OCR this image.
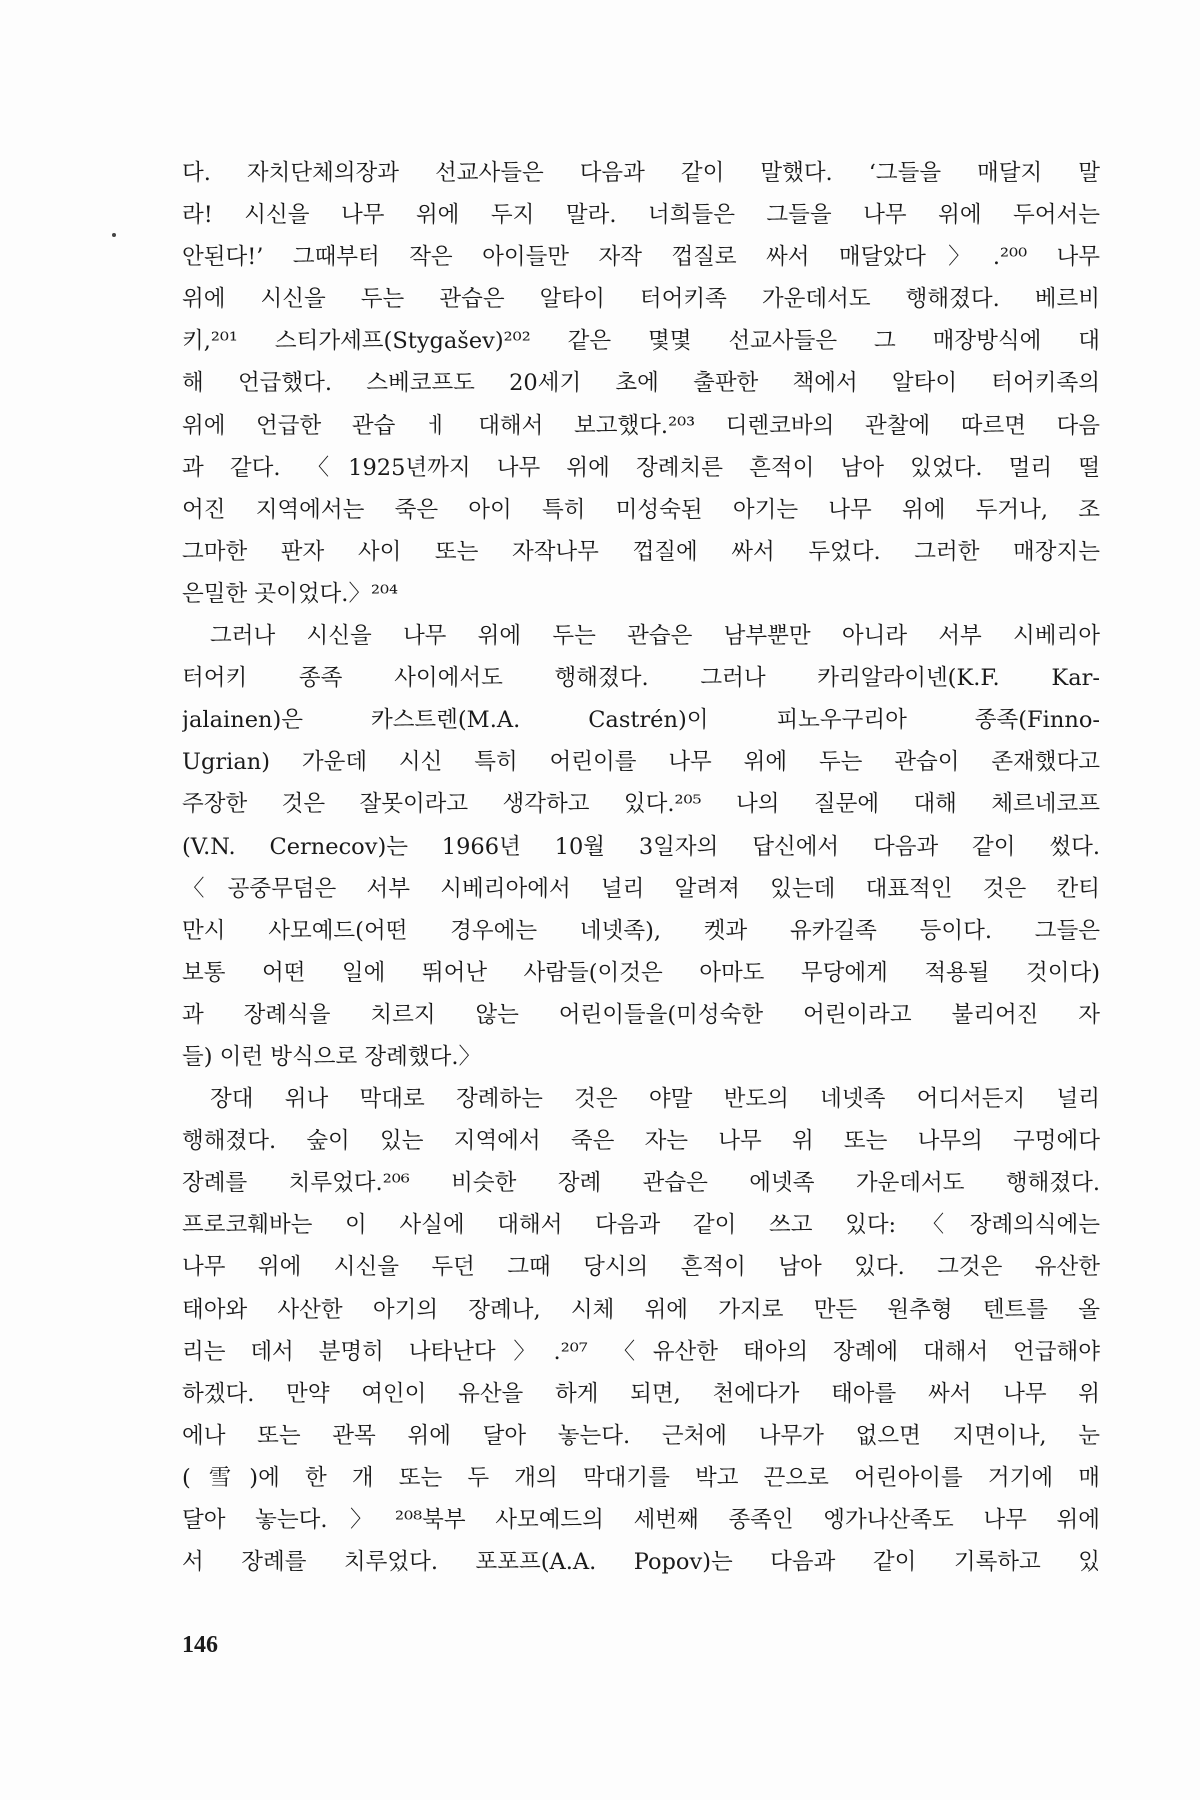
다. 자치단체의장과 선교사들은 다음과 같이 말했다. ‘그들을 매달지 말
라! 시신을 나무 위에 두지 말라. 너희들은 그들을 나무 위에 두어서는
안된다!’ 그때부터 작은 아이들만 자작 껍질로 싸서 매달았다〉.²⁰⁰ 나무
위에 시신을 두는 관습은 알타이 터어키족 가운데서도 행해졌다. 베르비
키,²⁰¹ 스티가세프(Stygašev)²⁰² 같은 몇몇 선교사들은 그 매장방식에 대
해 언급했다. 스베코프도 20세기 초에 출판한 책에서 알타이 터어키족의
위에 언급한 관습 ㅔ 대해서 보고했다.²⁰³ 디렌코바의 관찰에 따르면 다음
과 같다. 〈1925년까지 나무 위에 장례치른 흔적이 남아 있었다. 멀리 떨
어진 지역에서는 죽은 아이 특히 미성숙된 아기는 나무 위에 두거나, 조
그마한 판자 사이 또는 자작나무 껍질에 싸서 두었다. 그러한 매장지는
은밀한 곳이었다.〉²⁰⁴
그러나 시신을 나무 위에 두는 관습은 남부뿐만 아니라 서부 시베리아
터어키 종족 사이에서도 행해졌다. 그러나 카리알라이넨(K.F. Kar-
jalainen)은 카스트렌(M.A. Castrén)이 피노우구리아 종족(Finno-
Ugrian) 가운데 시신 특히 어린이를 나무 위에 두는 관습이 존재했다고
주장한 것은 잘못이라고 생각하고 있다.²⁰⁵ 나의 질문에 대해 체르네코프
(V.N. Cernecov)는 1966년 10월 3일자의 답신에서 다음과 같이 썼다.
〈공중무덤은 서부 시베리아에서 널리 알려져 있는데 대표적인 것은 칸티
만시 사모예드(어떤 경우에는 네넷족), 켓과 유카길족 등이다. 그들은
보통 어떤 일에 뛰어난 사람들(이것은 아마도 무당에게 적용될 것이다)
과 장례식을 치르지 않는 어린이들을(미성숙한 어린이라고 불리어진 자
들) 이런 방식으로 장례했다.〉
장대 위나 막대로 장례하는 것은 야말 반도의 네넷족 어디서든지 널리
행해졌다. 숲이 있는 지역에서 죽은 자는 나무 위 또는 나무의 구멍에다
장례를 치루었다.²⁰⁶ 비슷한 장례 관습은 에넷족 가운데서도 행해졌다.
프로코훼바는 이 사실에 대해서 다음과 같이 쓰고 있다:〈장례의식에는
나무 위에 시신을 두던 그때 당시의 흔적이 남아 있다. 그것은 유산한
태아와 사산한 아기의 장례나, 시체 위에 가지로 만든 원추형 텐트를 올
리는 데서 분명히 나타난다〉.²⁰⁷ 〈유산한 태아의 장례에 대해서 언급해야
하겠다. 만약 여인이 유산을 하게 되면, 천에다가 태아를 싸서 나무 위
에나 또는 관목 위에 달아 놓는다. 근처에 나무가 없으면 지면이나, 눈
(雪)에 한 개 또는 두 개의 막대기를 박고 끈으로 어린아이를 거기에 매
달아 놓는다.〉²⁰⁸북부 사모예드의 세번째 종족인 엥가나산족도 나무 위에
서 장례를 치루었다. 포포프(A.A. Popov)는 다음과 같이 기록하고 있
146
